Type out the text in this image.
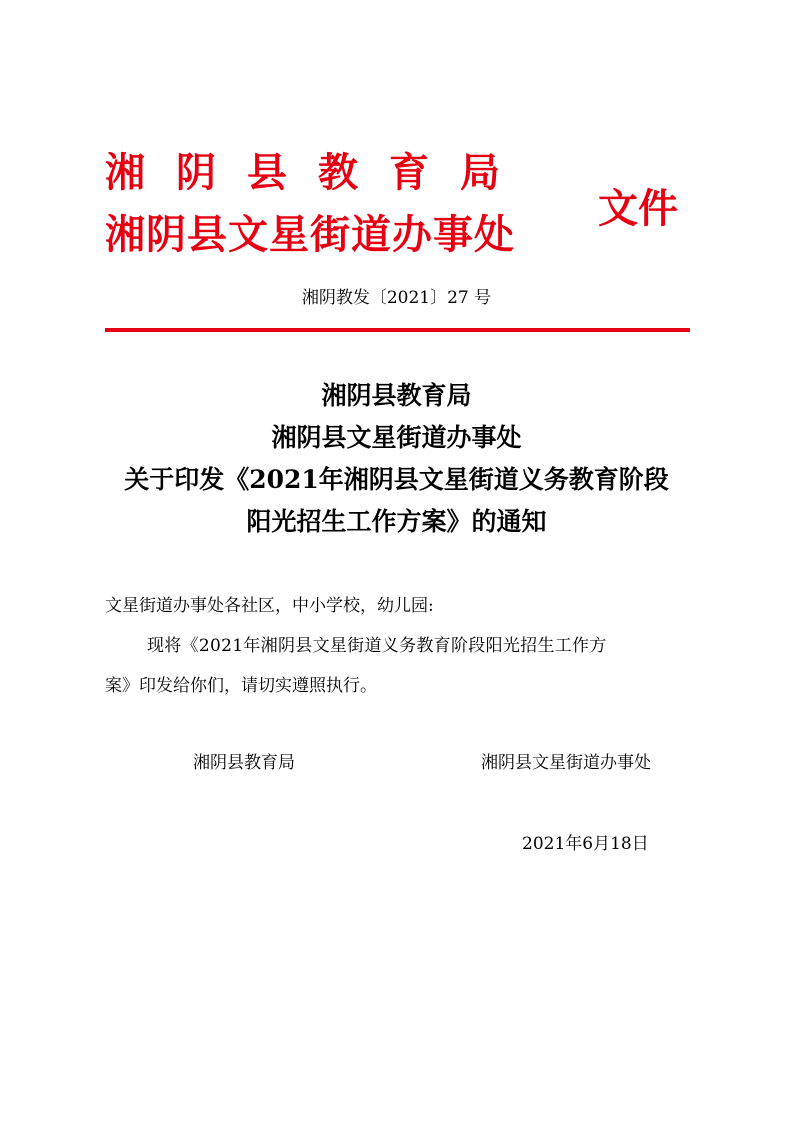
湘阴县教育局
湘阴县文星街道办事处
文件
湘阴教发〔2021〕27 号
湘阴县教育局
湘阴县文星街道办事处
关于印发《2021年湘阴县文星街道义务教育阶段
阳光招生工作方案》的通知
文星街道办事处各社区，中小学校，幼儿园:
现将《2021年湘阴县文星街道义务教育阶段阳光招生工作方
案》印发给你们，请切实遵照执行。
湘阴县教育局	湘阴县文星街道办事处
2021年6月18日
